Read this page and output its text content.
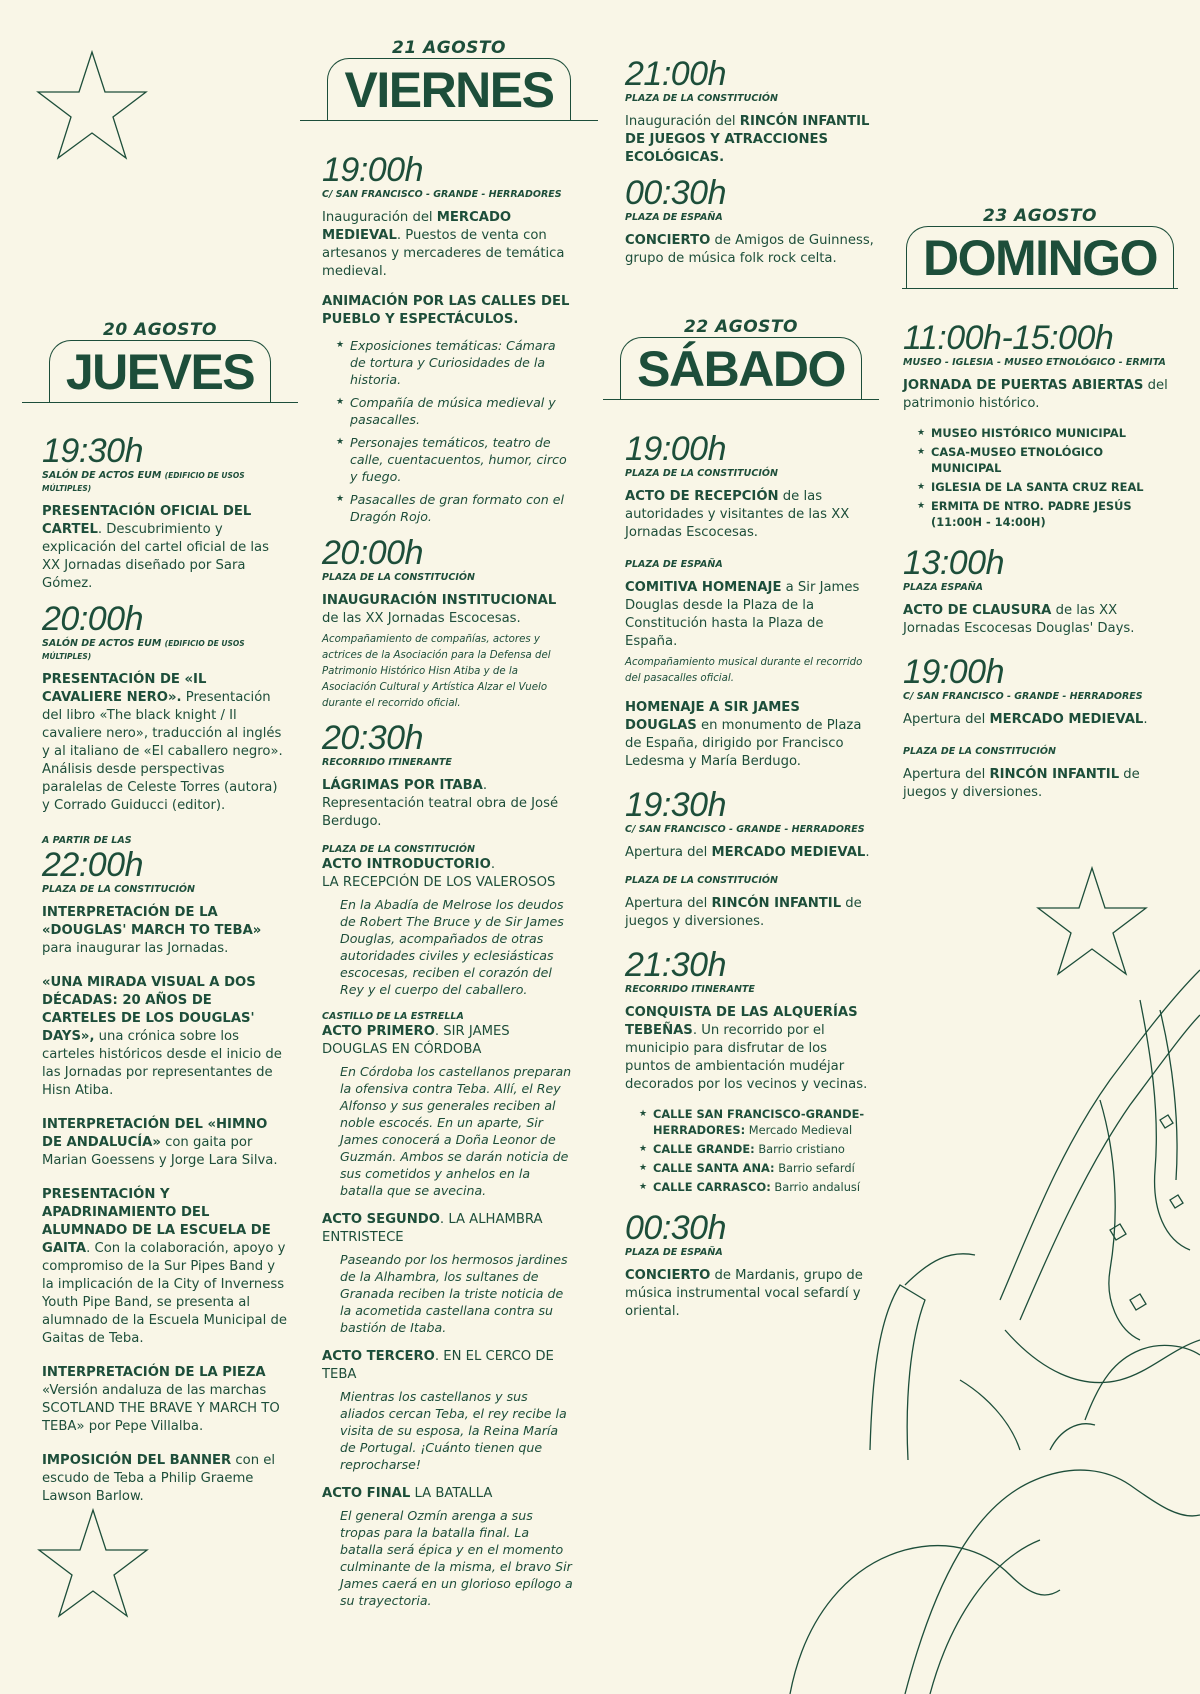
20 AGOSTO
JUEVES
19:30h
SALÓN DE ACTOS EUM (EDIFICIO DE USOS MÚLTIPLES)

PRESENTACIÓN OFICIAL DEL CARTEL. Descubrimiento y explicación del cartel oficial de las XX Jornadas diseñado por Sara Gómez.

20:00h
SALÓN DE ACTOS EUM (EDIFICIO DE USOS MÚLTIPLES)

PRESENTACIÓN DE «IL CAVALIERE NERO». Presentación del libro «The black knight / Il cavaliere nero», traducción al inglés y al italiano de «El caballero negro». Análisis desde perspectivas paralelas de Celeste Torres (autora) y Corrado Guiducci (editor).

A PARTIR DE LAS
22:00h
PLAZA DE LA CONSTITUCIÓN

INTERPRETACIÓN DE LA «DOUGLAS' MARCH TO TEBA» para inaugurar las Jornadas.

«UNA MIRADA VISUAL A DOS DÉCADAS: 20 AÑOS DE CARTELES DE LOS DOUGLAS' DAYS», una crónica sobre los carteles históricos desde el inicio de las Jornadas por representantes de Hisn Atiba.

INTERPRETACIÓN DEL «HIMNO DE ANDALUCÍA» con gaita por Marian Goessens y Jorge Lara Silva.

PRESENTACIÓN Y APADRINAMIENTO DEL ALUMNADO DE LA ESCUELA DE GAITA. Con la colaboración, apoyo y compromiso de la Sur Pipes Band y la implicación de la City of Inverness Youth Pipe Band, se presenta al alumnado de la Escuela Municipal de Gaitas de Teba.

INTERPRETACIÓN DE LA PIEZA «Versión andaluza de las marchas SCOTLAND THE BRAVE Y MARCH TO TEBA» por Pepe Villalba.

IMPOSICIÓN DEL BANNER con el escudo de Teba a Philip Graeme Lawson Barlow.

21 AGOSTO
VIERNES
19:00h
C/ SAN FRANCISCO - GRANDE - HERRADORES

Inauguración del MERCADO MEDIEVAL. Puestos de venta con artesanos y mercaderes de temática medieval.

ANIMACIÓN POR LAS CALLES DEL PUEBLO Y ESPECTÁCULOS.

★ Exposiciones temáticas: Cámara de tortura y Curiosidades de la historia.
★ Compañía de música medieval y pasacalles.
★ Personajes temáticos, teatro de calle, cuentacuentos, humor, circo y fuego.
★ Pasacalles de gran formato con el Dragón Rojo.
20:00h
PLAZA DE LA CONSTITUCIÓN

INAUGURACIÓN INSTITUCIONAL de las XX Jornadas Escocesas.

Acompañamiento de compañías, actores y actrices de la Asociación para la Defensa del Patrimonio Histórico Hisn Atiba y de la Asociación Cultural y Artística Alzar el Vuelo durante el recorrido oficial.

20:30h
RECORRIDO ITINERANTE

LÁGRIMAS POR ITABA. Representación teatral obra de José Berdugo.

PLAZA DE LA CONSTITUCIÓN

ACTO INTRODUCTORIO.
LA RECEPCIÓN DE LOS VALEROSOS

En la Abadía de Melrose los deudos de Robert The Bruce y de Sir James Douglas, acompañados de otras autoridades civiles y eclesiásticas escocesas, reciben el corazón del Rey y el cuerpo del caballero.

CASTILLO DE LA ESTRELLA

ACTO PRIMERO. SIR JAMES DOUGLAS EN CÓRDOBA

En Córdoba los castellanos preparan la ofensiva contra Teba. Allí, el Rey Alfonso y sus generales reciben al noble escocés. En un aparte, Sir James conocerá a Doña Leonor de Guzmán. Ambos se darán noticia de sus cometidos y anhelos en la batalla que se avecina.

ACTO SEGUNDO. LA ALHAMBRA ENTRISTECE

Paseando por los hermosos jardines de la Alhambra, los sultanes de Granada reciben la triste noticia de la acometida castellana contra su bastión de Itaba.

ACTO TERCERO. EN EL CERCO DE TEBA

Mientras los castellanos y sus aliados cercan Teba, el rey recibe la visita de su esposa, la Reina María de Portugal. ¡Cuánto tienen que reprocharse!

ACTO FINAL LA BATALLA

El general Ozmín arenga a sus tropas para la batalla final. La batalla será épica y en el momento culminante de la misma, el bravo Sir James caerá en un glorioso epílogo a su trayectoria.

21:00h
PLAZA DE LA CONSTITUCIÓN

Inauguración del RINCÓN INFANTIL DE JUEGOS Y ATRACCIONES ECOLÓGICAS.

00:30h
PLAZA DE ESPAÑA

CONCIERTO de Amigos de Guinness, grupo de música folk rock celta.

22 AGOSTO
SÁBADO
19:00h
PLAZA DE LA CONSTITUCIÓN

ACTO DE RECEPCIÓN de las autoridades y visitantes de las XX Jornadas Escocesas.

PLAZA DE ESPAÑA

COMITIVA HOMENAJE a Sir James Douglas desde la Plaza de la Constitución hasta la Plaza de España.

Acompañamiento musical durante el recorrido del pasacalles oficial.

HOMENAJE A SIR JAMES DOUGLAS en monumento de Plaza de España, dirigido por Francisco Ledesma y María Berdugo.

19:30h
C/ SAN FRANCISCO - GRANDE - HERRADORES

Apertura del MERCADO MEDIEVAL.

PLAZA DE LA CONSTITUCIÓN

Apertura del RINCÓN INFANTIL de juegos y diversiones.

21:30h
RECORRIDO ITINERANTE

CONQUISTA DE LAS ALQUERÍAS TEBEÑAS. Un recorrido por el municipio para disfrutar de los puntos de ambientación mudéjar decorados por los vecinos y vecinas.

★ CALLE SAN FRANCISCO-GRANDE-HERRADORES: Mercado Medieval
★ CALLE GRANDE: Barrio cristiano
★ CALLE SANTA ANA: Barrio sefardí
★ CALLE CARRASCO: Barrio andalusí
00:30h
PLAZA DE ESPAÑA

CONCIERTO de Mardanis, grupo de música instrumental vocal sefardí y oriental.

23 AGOSTO
DOMINGO
11:00h-15:00h
MUSEO - IGLESIA - MUSEO ETNOLÓGICO - ERMITA

JORNADA DE PUERTAS ABIERTAS del patrimonio histórico.

★ MUSEO HISTÓRICO MUNICIPAL
★ CASA-MUSEO ETNOLÓGICO MUNICIPAL
★ IGLESIA DE LA SANTA CRUZ REAL
★ ERMITA DE NTRO. PADRE JESÚS (11:00H - 14:00H)
13:00h
PLAZA ESPAÑA

ACTO DE CLAUSURA de las XX Jornadas Escocesas Douglas' Days.

19:00h
C/ SAN FRANCISCO - GRANDE - HERRADORES

Apertura del MERCADO MEDIEVAL.

PLAZA DE LA CONSTITUCIÓN

Apertura del RINCÓN INFANTIL de juegos y diversiones.
